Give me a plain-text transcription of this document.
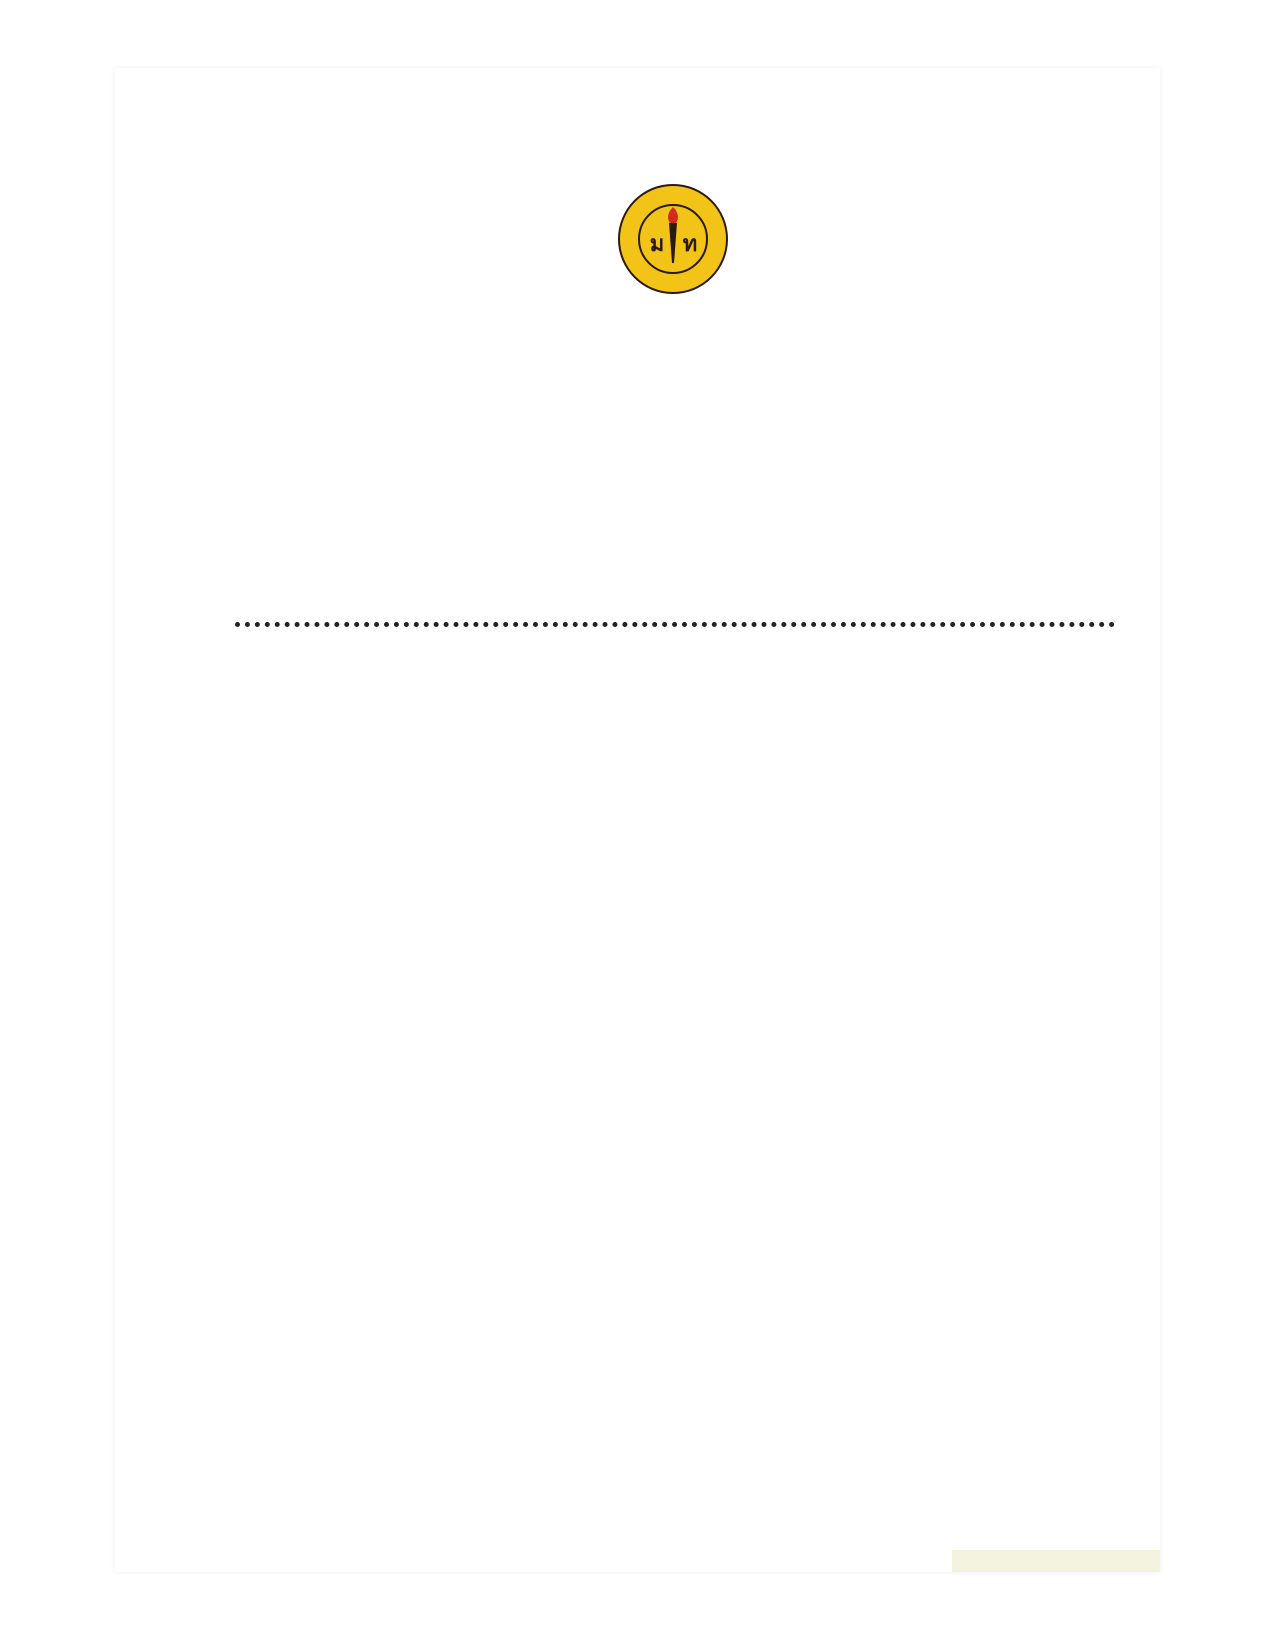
ม ท
